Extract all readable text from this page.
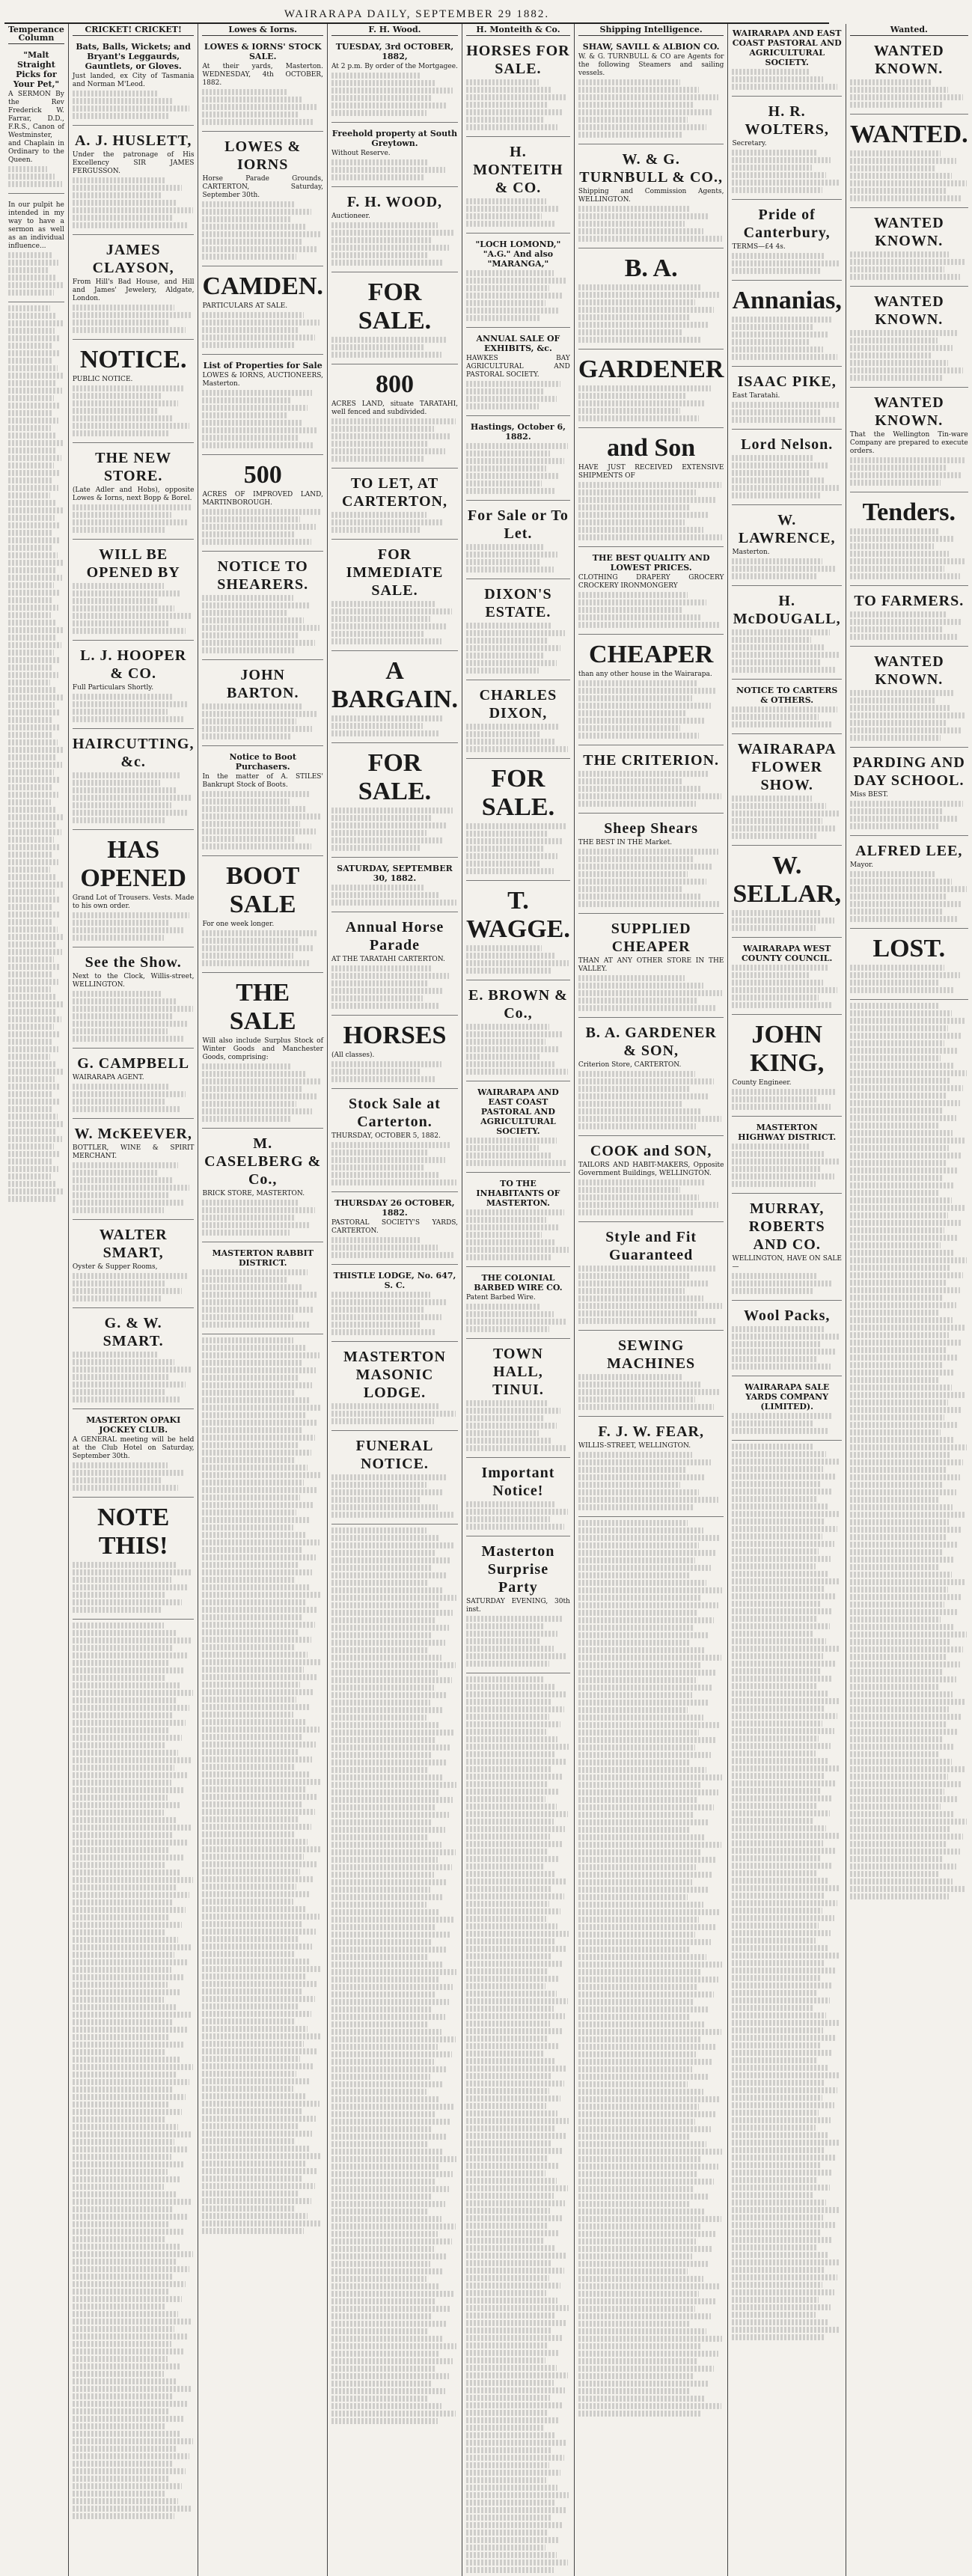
WAIRARAPA DAILY, SEPTEMBER 29 1882.
Temperance Column
"Malt Straight Picks for Your Pet,"
A SERMON By the Rev Frederick W. Farrar, D.D., F.R.S., Canon of Westminster, and Chaplain in Ordinary to the Queen.
In our pulpit he intended in my way to have a sermon as well as an individual influence...
CRICKET! CRICKET!
Bats, Balls, Wickets; and Bryant's Leggaurds, Gauntlets, or Gloves.
Just landed, ex City of Tasmania and Norman M'Leod.
A. J. HUSLETT,
Under the patronage of His Excellency SIR JAMES FERGUSSON.
JAMES CLAYSON,
From Hill's Bad House, and Hill and James' Jewelery, Aldgate, London.
NOTICE.
PUBLIC NOTICE.
THE NEW STORE.
(Late Adler and Hobs), opposite Lowes & Iorns, next Bopp & Borel.
WILL BE OPENED BY
L. J. HOOPER & CO.
Full Particulars Shortly.
HAIRCUTTING, &c.
HAS OPENED
Grand Lot of Trousers. Vests. Made to his own order.
See the Show.
Next to the Clock, Willis-street, WELLINGTON.
G. CAMPBELL
WAIRARAPA AGENT.
W. McKEEVER,
BOTTLER, WINE & SPIRIT MERCHANT.
WALTER SMART,
Oyster & Supper Rooms,
G. & W. SMART.
MASTERTON OPAKI JOCKEY CLUB.
A GENERAL meeting will be held at the Club Hotel on Saturday, September 30th.
NOTE THIS!
Lowes & Iorns.
LOWES & IORNS' STOCK SALE.
At their yards, Masterton. WEDNESDAY, 4th OCTOBER, 1882.
LOWES & IORNS
Horse Parade Grounds, CARTERTON, Saturday, September 30th.
CAMDEN.
PARTICULARS AT SALE.
List of Properties for Sale
LOWES & IORNS, AUCTIONEERS, Masterton.
500
ACRES OF IMPROVED LAND, MARTINBOROUGH.
NOTICE TO SHEARERS.
JOHN BARTON.
Notice to Boot Purchasers.
In the matter of A. STILES' Bankrupt Stock of Boots.
BOOT SALE
For one week longer.
THE SALE
Will also include Surplus Stock of Winter Goods and Manchester Goods, comprising:
M. CASELBERG & Co.,
BRICK STORE, MASTERTON.
MASTERTON RABBIT DISTRICT.
F. H. Wood.
TUESDAY, 3rd OCTOBER, 1882,
At 2 p.m. By order of the Mortgagee.
Freehold property at South Greytown.
Without Reserve.
F. H. WOOD,
Auctioneer.
FOR SALE.
800
ACRES LAND, situate TARATAHI, well fenced and subdivided.
TO LET, AT CARTERTON,
FOR IMMEDIATE SALE.
A BARGAIN.
FOR SALE.
SATURDAY, SEPTEMBER 30, 1882.
Annual Horse Parade
AT THE TARATAHI CARTERTON.
HORSES
(All classes).
Stock Sale at Carterton.
THURSDAY, OCTOBER 5, 1882.
THURSDAY 26 OCTOBER, 1882.
PASTORAL SOCIETY'S YARDS, CARTERTON.
THISTLE LODGE, No. 647, S. C.
MASTERTON MASONIC LODGE.
FUNERAL NOTICE.
H. Monteith & Co.
HORSES FOR SALE.
H. MONTEITH & CO.
"LOCH LOMOND," "A.G." And also "MARANGA,"
ANNUAL SALE OF EXHIBITS, &c.
HAWKES BAY AGRICULTURAL AND PASTORAL SOCIETY.
Hastings, October 6, 1882.
For Sale or To Let.
DIXON'S ESTATE.
CHARLES DIXON,
FOR SALE.
T. WAGGE.
E. BROWN & Co.,
WAIRARAPA AND EAST COAST PASTORAL AND AGRICULTURAL SOCIETY.
TO THE INHABITANTS OF MASTERTON.
THE COLONIAL BARBED WIRE CO.
Patent Barbed Wire.
TOWN HALL, TINUI.
Important Notice!
Masterton Surprise Party
SATURDAY EVENING, 30th inst.
Shipping Intelligence.
SHAW, SAVILL & ALBION CO.
W. & G. TURNBULL & CO are Agents for the following Steamers and sailing vessels.
W. & G. TURNBULL & CO.,
Shipping and Commission Agents, WELLINGTON.
B. A.
GARDENER
and Son
HAVE JUST RECEIVED EXTENSIVE SHIPMENTS OF
THE BEST QUALITY AND LOWEST PRICES.
CLOTHING DRAPERY GROCERY CROCKERY IRONMONGERY
CHEAPER
than any other house in the Wairarapa.
THE CRITERION.
Sheep Shears
THE BEST IN THE Market.
SUPPLIED CHEAPER
THAN AT ANY OTHER STORE IN THE VALLEY.
B. A. GARDENER & SON,
Criterion Store, CARTERTON.
COOK and SON,
TAILORS AND HABIT-MAKERS, Opposite Government Buildings, WELLINGTON.
Style and Fit Guaranteed
SEWING MACHINES
F. J. W. FEAR,
WILLIS-STREET, WELLINGTON.
WAIRARAPA AND EAST COAST PASTORAL AND AGRICULTURAL SOCIETY.
H. R. WOLTERS,
Secretary.
Pride of Canterbury,
TERMS—£4 4s.
Annanias,
ISAAC PIKE,
East Taratahi.
Lord Nelson.
W. LAWRENCE,
Masterton.
H. McDOUGALL,
NOTICE TO CARTERS & OTHERS.
WAIRARAPA FLOWER SHOW.
W. SELLAR,
WAIRARAPA WEST COUNTY COUNCIL.
JOHN KING,
County Engineer.
MASTERTON HIGHWAY DISTRICT.
MURRAY, ROBERTS AND CO.
WELLINGTON, HAVE ON SALE—
Wool Packs,
WAIRARAPA SALE YARDS COMPANY (LIMITED).
Wanted.
WANTED KNOWN.
WANTED.
WANTED KNOWN.
WANTED KNOWN.
WANTED KNOWN.
That the Wellington Tin-ware Company are prepared to execute orders.
Tenders.
TO FARMERS.
WANTED KNOWN.
PARDING AND DAY SCHOOL.
Miss BEST.
ALFRED LEE,
Mayor.
LOST.
